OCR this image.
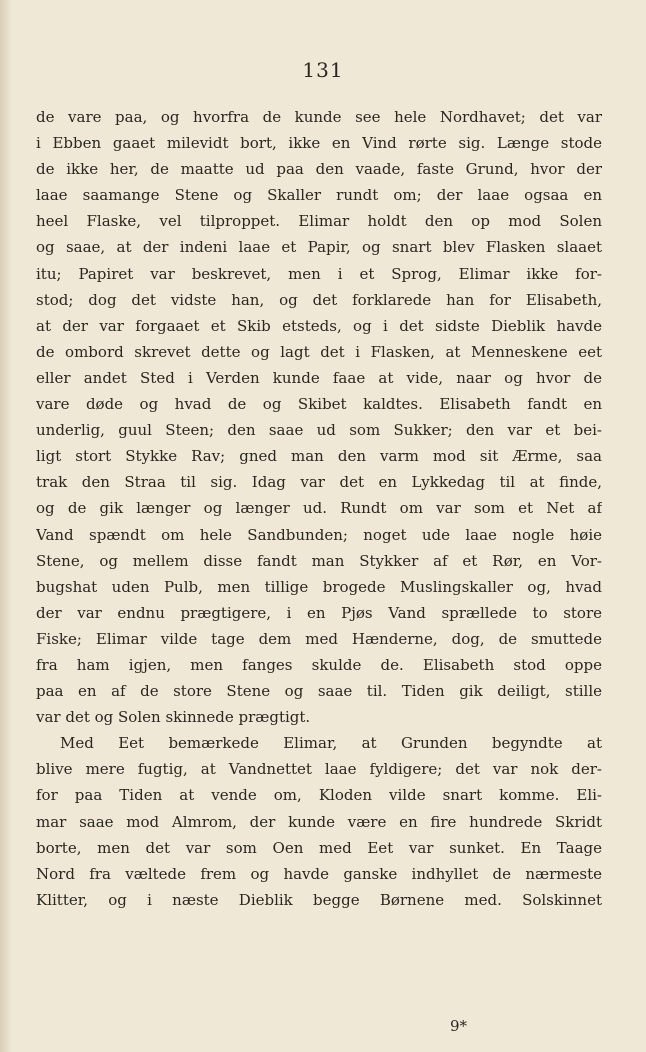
131
de vare paa, og hvorfra de kunde see hele Nordhavet; det var
i Ebben gaaet milevidt bort, ikke en Vind rørte sig. Længe stode
de ikke her, de maatte ud paa den vaade, faste Grund, hvor der
laae saamange Stene og Skaller rundt om; der laae ogsaa en
heel Flaske, vel tilproppet. Elimar holdt den op mod Solen
og saae, at der indeni laae et Papir, og snart blev Flasken slaaet
itu; Papiret var beskrevet, men i et Sprog, Elimar ikke for-
stod; dog det vidste han, og det forklarede han for Elisabeth,
at der var forgaaet et Skib etsteds, og i det sidste Dieblik havde
de ombord skrevet dette og lagt det i Flasken, at Menneskene eet
eller andet Sted i Verden kunde faae at vide, naar og hvor de
vare døde og hvad de og Skibet kaldtes. Elisabeth fandt en
underlig, guul Steen; den saae ud som Sukker; den var et bei-
ligt stort Stykke Rav; gned man den varm mod sit Ærme, saa
trak den Straa til sig. Idag var det en Lykkedag til at finde,
og de gik længer og længer ud. Rundt om var som et Net af
Vand spændt om hele Sandbunden; noget ude laae nogle høie
Stene, og mellem disse fandt man Stykker af et Rør, en Vor-
bugshat uden Pulb, men tillige brogede Muslingskaller og, hvad
der var endnu prægtigere, i en Pjøs Vand sprællede to store
Fiske; Elimar vilde tage dem med Hænderne, dog, de smuttede
fra ham igjen, men fanges skulde de. Elisabeth stod oppe
paa en af de store Stene og saae til. Tiden gik deiligt, stille
var det og Solen skinnede prægtigt.
Med Eet bemærkede Elimar, at Grunden begyndte at
blive mere fugtig, at Vandnettet laae fyldigere; det var nok der-
for paa Tiden at vende om, Kloden vilde snart komme. Eli-
mar saae mod Almrom, der kunde være en fire hundrede Skridt
borte, men det var som Oen med Eet var sunket. En Taage
Nord fra væltede frem og havde ganske indhyllet de nærmeste
Klitter, og i næste Dieblik begge Børnene med. Solskinnet
9*
